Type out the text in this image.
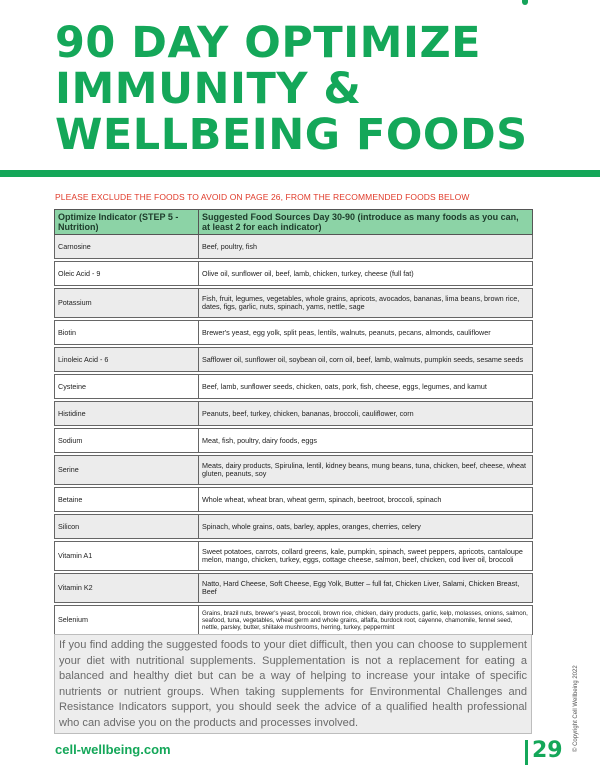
90 DAY OPTIMIZE IMMUNITY & WELLBEING FOODS
PLEASE EXCLUDE THE FOODS TO AVOID ON PAGE 26, FROM THE RECOMMENDED FOODS BELOW
Optimize Indicator (STEP 5 - Nutrition)	Suggested Food Sources Day 30-90 (introduce as many foods as you can, at least 2 for each indicator)
Carnosine	Beef, poultry, fish

Oleic Acid - 9	Olive oil, sunflower oil, beef, lamb, chicken, turkey, cheese (full fat)

Potassium	Fish, fruit, legumes, vegetables, whole grains, apricots, avocados, bananas, lima beans, brown rice, dates, figs, garlic, nuts, spinach, yams, nettle, sage

Biotin	Brewer's yeast, egg yolk, split peas, lentils, walnuts, peanuts, pecans, almonds, cauliflower

Linoleic Acid - 6	Safflower oil, sunflower oil, soybean oil, corn oil, beef, lamb, walmuts, pumpkin seeds, sesame seeds

Cysteine	Beef, lamb, sunflower seeds, chicken, oats, pork, fish, cheese, eggs, legumes, and kamut

Histidine	Peanuts, beef, turkey, chicken, bananas, broccoli, cauliflower, corn

Sodium	Meat, fish, poultry, dairy foods, eggs

Serine	Meats, dairy products, Spirulina, lentil, kidney beans, mung beans, tuna, chicken, beef, cheese, wheat gluten, peanuts, soy

Betaine	Whole wheat, wheat bran, wheat germ, spinach, beetroot, broccoli, spinach

Silicon	Spinach, whole grains, oats, barley, apples, oranges, cherries, celery

Vitamin A1	Sweet potatoes, carrots, collard greens, kale, pumpkin, spinach, sweet peppers, apricots, cantaloupe melon, mango, chicken, turkey, eggs, cottage cheese, salmon, beef, chicken, cod liver oil, broccoli

Vitamin K2	Natto, Hard Cheese, Soft Cheese, Egg Yolk, Butter – full fat, Chicken Liver, Salami, Chicken Breast, Beef

Selenium	Grains, brazil nuts, brewer's yeast, broccoli, brown rice, chicken, dairy products, garlic, kelp, molasses, onions, salmon, seafood, tuna, vegetables, wheat germ and whole grains, alfalfa, burdock root, cayenne, chamomile, fennel seed, nettle, parsley, butter, shiitake mushrooms, herring, turkey, peppermint
If you find adding the suggested foods to your diet difficult, then you can choose to supplement your diet with nutritional supplements. Supplementation is not a replacement for eating a balanced and healthy diet but can be a way of helping to increase your intake of specific nutrients or nutrient groups. When taking supplements for Environmental Challenges and Resistance Indicators support, you should seek the advice of a qualified health professional who can advise you on the products and processes involved.
cell-wellbeing.com	29 © Copyright Cell Wellbeing 2022
